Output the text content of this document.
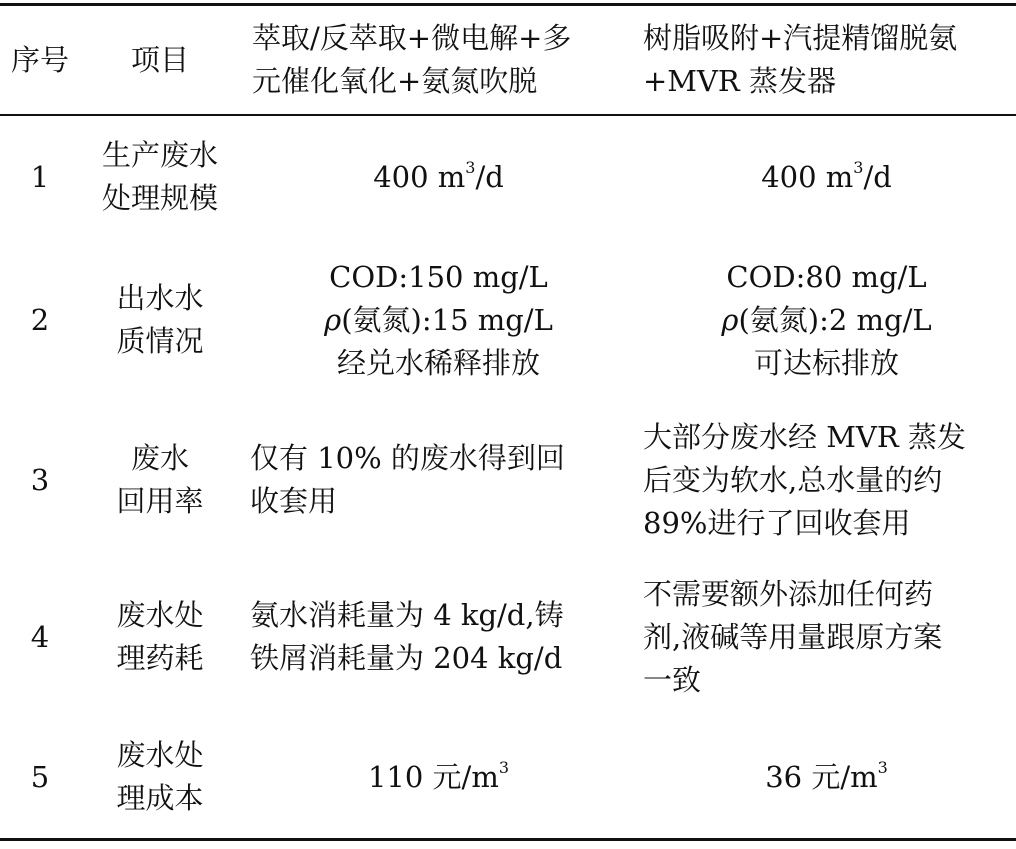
序号	项目	萃取/反萃取+微电解+多
元催化氧化+氨氮吹脱	树脂吸附+汽提精馏脱氨
+MVR 蒸发器

1	生产废水
处理规模	400 $m^3/d$	400 $m^3/d$
2	出水水
质情况	COD:150 mg/L
ρ(氨氮):15 mg/L
经兑水稀释排放	COD:80 mg/L
ρ(氨氮):2 mg/L
可达标排放

3	废水
回用率	仅有 10% 的废水得到回
收套用	大部分废水经 MVR 蒸发
后变为软水,总水量的约
89%进行了回收套用

4	废水处
理药耗	氨水消耗量为 4 kg/d,铸
铁屑消耗量为 204 kg/d	不需要额外添加任何药
剂,液碱等用量跟原方案
一致

5	废水处
理成本	110 元$/m^3$	36 元$/m^3$
